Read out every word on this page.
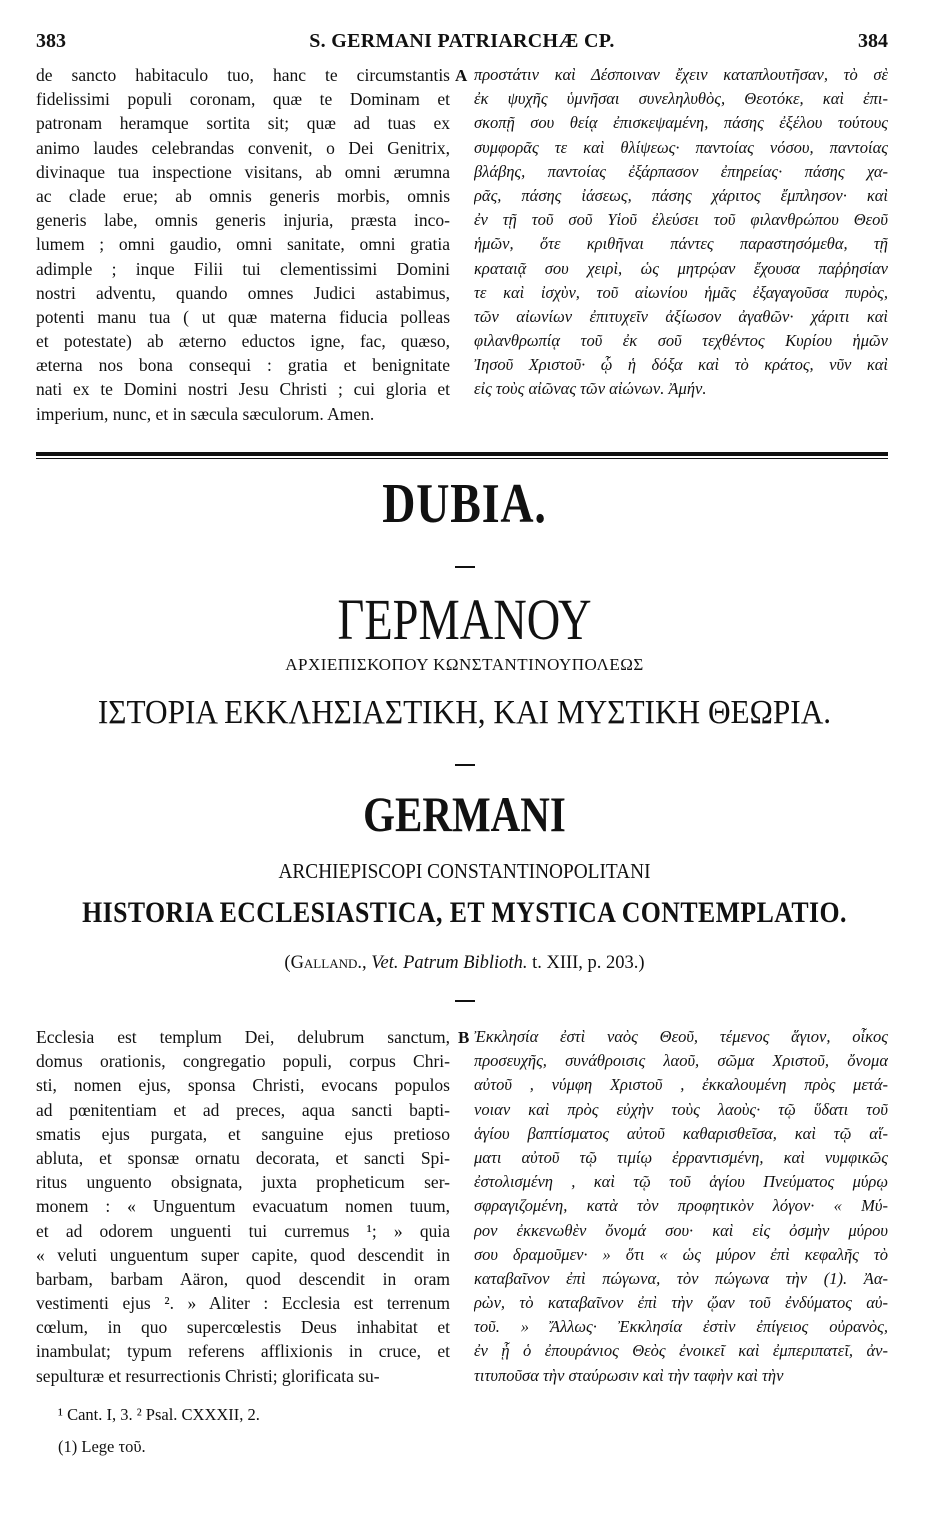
383	S. GERMANI PATRIARCHÆ CP.	384
de sancto habitaculo tuo, hanc te circumstantis
fidelissimi populi coronam, quæ te Dominam et
patronam heramque sortita sit; quæ ad tuas ex
animo laudes celebrandas convenit, o Dei Genitrix,
divinaque tua inspectione visitans, ab omni ærumna
ac clade erue; ab omnis generis morbis, omnis
generis labe, omnis generis injuria, præsta inco-
lumem ; omni gaudio, omni sanitate, omni gratia
adimple ; inque Filii tui clementissimi Domini
nostri adventu, quando omnes Judici astabimus,
potenti manu tua ( ut quæ materna fiducia polleas
et potestate) ab æterno eductos igne, fac, quæso,
æterna nos bona consequi : gratia et benignitate
nati ex te Domini nostri Jesu Christi ; cui gloria et
imperium, nunc, et in sæcula sæculorum. Amen.
A προστάτιν καὶ Δέσποιναν ἔχειν καταπλουτῆσαν, τὸ σὲ
ἐκ ψυχῆς ὑμνῆσαι συνεληλυθὸς, Θεοτόκε, καὶ ἐπι-
σκοπῇ σου θείᾳ ἐπισκεψαμένη, πάσης ἐξέλου τούτους
συμφορᾶς τε καὶ θλίψεως· παντοίας νόσου, παντοίας
βλάβης, παντοίας ἐξάρπασον ἐπηρείας· πάσης χα-
ρᾶς, πάσης ἰάσεως, πάσης χάριτος ἔμπλησον· καὶ
ἐν τῇ τοῦ σοῦ Υἱοῦ ἐλεύσει τοῦ φιλανθρώπου Θεοῦ
ἡμῶν, ὅτε κριθῆναι πάντες παραστησόμεθα, τῇ
κραταιᾷ σου χειρὶ, ὡς μητρῴαν ἔχουσα παῤῥησίαν
τε καὶ ἰσχὺν, τοῦ αἰωνίου ἡμᾶς ἐξαγαγοῦσα πυρὸς,
τῶν αἰωνίων ἐπιτυχεῖν ἀξίωσον ἀγαθῶν· χάριτι καὶ
φιλανθρωπίᾳ τοῦ ἐκ σοῦ τεχθέντος Κυρίου ἡμῶν
Ἰησοῦ Χριστοῦ· ᾧ ἡ δόξα καὶ τὸ κράτος, νῦν καὶ
εἰς τοὺς αἰῶνας τῶν αἰώνων. Ἀμήν.
DUBIA.
ΓΕΡΜΑΝΟΥ
ΑΡΧΙΕΠΙΣΚΟΠΟΥ ΚΩΝΣΤΑΝΤΙΝΟΥΠΟΛΕΩΣ
ΙΣΤΟΡΙΑ ΕΚΚΛΗΣΙΑΣΤΙΚΗ, ΚΑΙ ΜΥΣΤΙΚΗ ΘΕΩΡΙΑ.
GERMANI
ARCHIEPISCOPI CONSTANTINOPOLITANI
HISTORIA ECCLESIASTICA, ET MYSTICA CONTEMPLATIO.
(Galland., Vet. Patrum Biblioth. t. XIII, p. 203.)
Ecclesia est templum Dei, delubrum sanctum,
domus orationis, congregatio populi, corpus Chri-
sti, nomen ejus, sponsa Christi, evocans populos
ad pœnitentiam et ad preces, aqua sancti bapti-
smatis ejus purgata, et sanguine ejus pretioso
abluta, et sponsæ ornatu decorata, et sancti Spi-
ritus unguento obsignata, juxta propheticum ser-
monem : « Unguentum evacuatum nomen tuum,
et ad odorem unguenti tui curremus ¹; » quia
« veluti unguentum super capite, quod descendit in
barbam, barbam Aäron, quod descendit in oram
vestimenti ejus ². » Aliter : Ecclesia est terrenum
cœlum, in quo supercœlestis Deus inhabitat et
inambulat; typum referens afflixionis in cruce, et
sepulturæ et resurrectionis Christi; glorificata su-
B Ἐκκλησία ἐστὶ ναὸς Θεοῦ, τέμενος ἅγιον, οἶκος
προσευχῆς, συνάθροισις λαοῦ, σῶμα Χριστοῦ, ὄνομα
αὐτοῦ , νύμφη Χριστοῦ , ἐκκαλουμένη πρὸς μετά-
νοιαν καὶ πρὸς εὐχὴν τοὺς λαοὺς· τῷ ὕδατι τοῦ
ἁγίου βαπτίσματος αὐτοῦ καθαρισθεῖσα, καὶ τῷ αἵ-
ματι αὐτοῦ τῷ τιμίῳ ἐρραντισμένη, καὶ νυμφικῶς
ἐστολισμένη , καὶ τῷ τοῦ ἁγίου Πνεύματος μύρῳ
σφραγιζομένη, κατὰ τὸν προφητικὸν λόγον· « Μύ-
ρον ἐκκενωθὲν ὄνομά σου· καὶ εἰς ὀσμὴν μύρου
σου δραμοῦμεν· » ὅτι « ὡς μύρον ἐπὶ κεφαλῆς τὸ
καταβαῖνον ἐπὶ πώγωνα, τὸν πώγωνα τὴν (1). Ἀα-
ρὼν, τὸ καταβαῖνον ἐπὶ τὴν ᾤαν τοῦ ἐνδύματος αὐ-
τοῦ. » Ἄλλως· Ἐκκλησία ἐστὶν ἐπίγειος οὐρανὸς,
ἐν ᾗ ὁ ἐπουράνιος Θεὸς ἐνοικεῖ καὶ ἐμπεριπατεῖ, ἀν-
τιτυποῦσα τὴν σταύρωσιν καὶ τὴν ταφὴν καὶ τὴν
¹ Cant. I, 3. ² Psal. CXXXII, 2.
(1) Lege τοῦ.
